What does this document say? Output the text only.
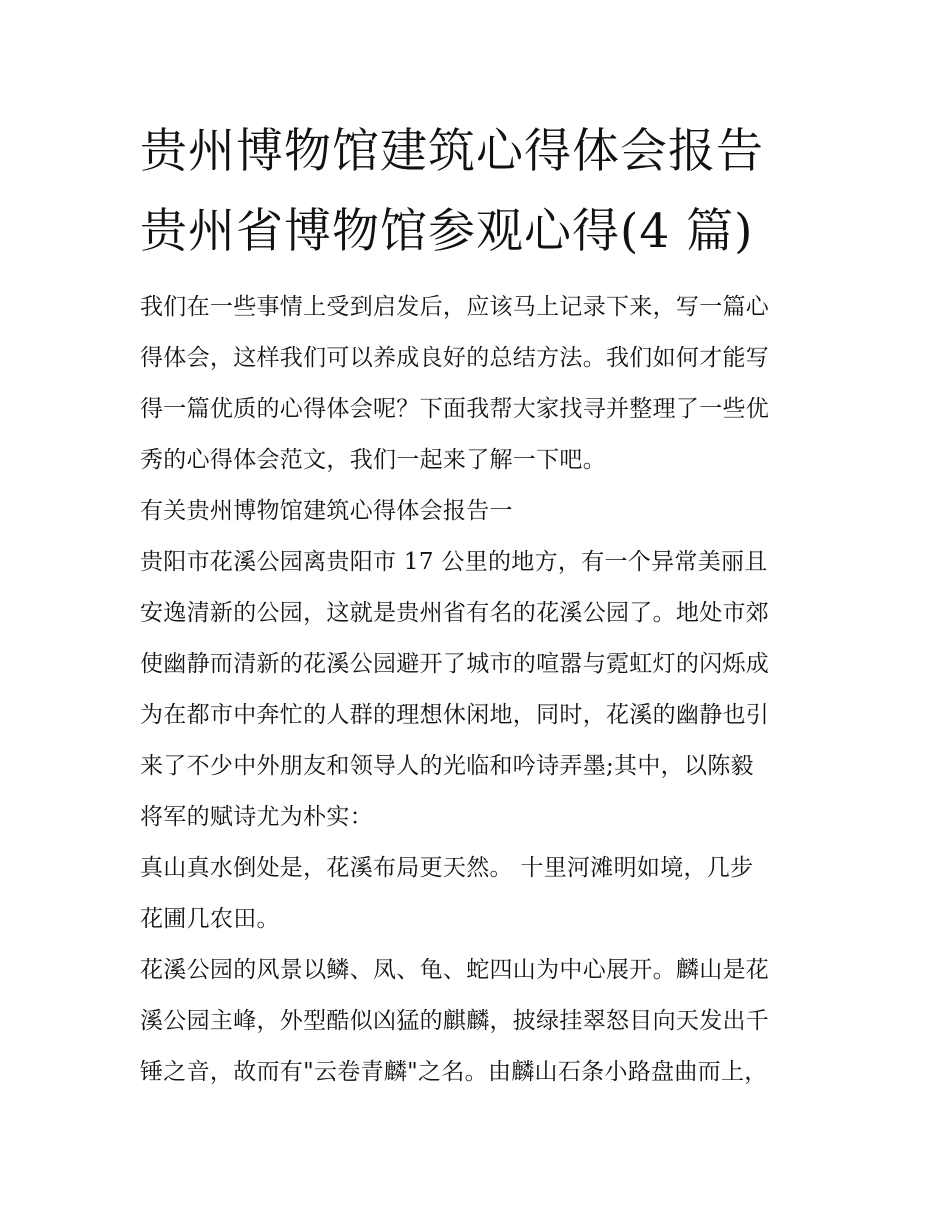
贵州博物馆建筑心得体会报告
贵州省博物馆参观心得(4 篇)

我们在一些事情上受到启发后，应该马上记录下来，写一篇心

得体会，这样我们可以养成良好的总结方法。我们如何才能写

得一篇优质的心得体会呢？下面我帮大家找寻并整理了一些优

秀的心得体会范文，我们一起来了解一下吧。

有关贵州博物馆建筑心得体会报告一

贵阳市花溪公园离贵阳市 17 公里的地方，有一个异常美丽且

安逸清新的公园，这就是贵州省有名的花溪公园了。地处市郊

使幽静而清新的花溪公园避开了城市的喧嚣与霓虹灯的闪烁成

为在都市中奔忙的人群的理想休闲地，同时，花溪的幽静也引

来了不少中外朋友和领导人的光临和吟诗弄墨;其中，以陈毅

将军的赋诗尤为朴实：

真山真水倒处是，花溪布局更天然。 十里河滩明如境，几步

花圃几农田。

花溪公园的风景以鳞、凤、龟、蛇四山为中心展开。麟山是花

溪公园主峰，外型酷似凶猛的麒麟，披绿挂翠怒目向天发出千

锤之音，故而有"云卷青麟"之名。由麟山石条小路盘曲而上，
